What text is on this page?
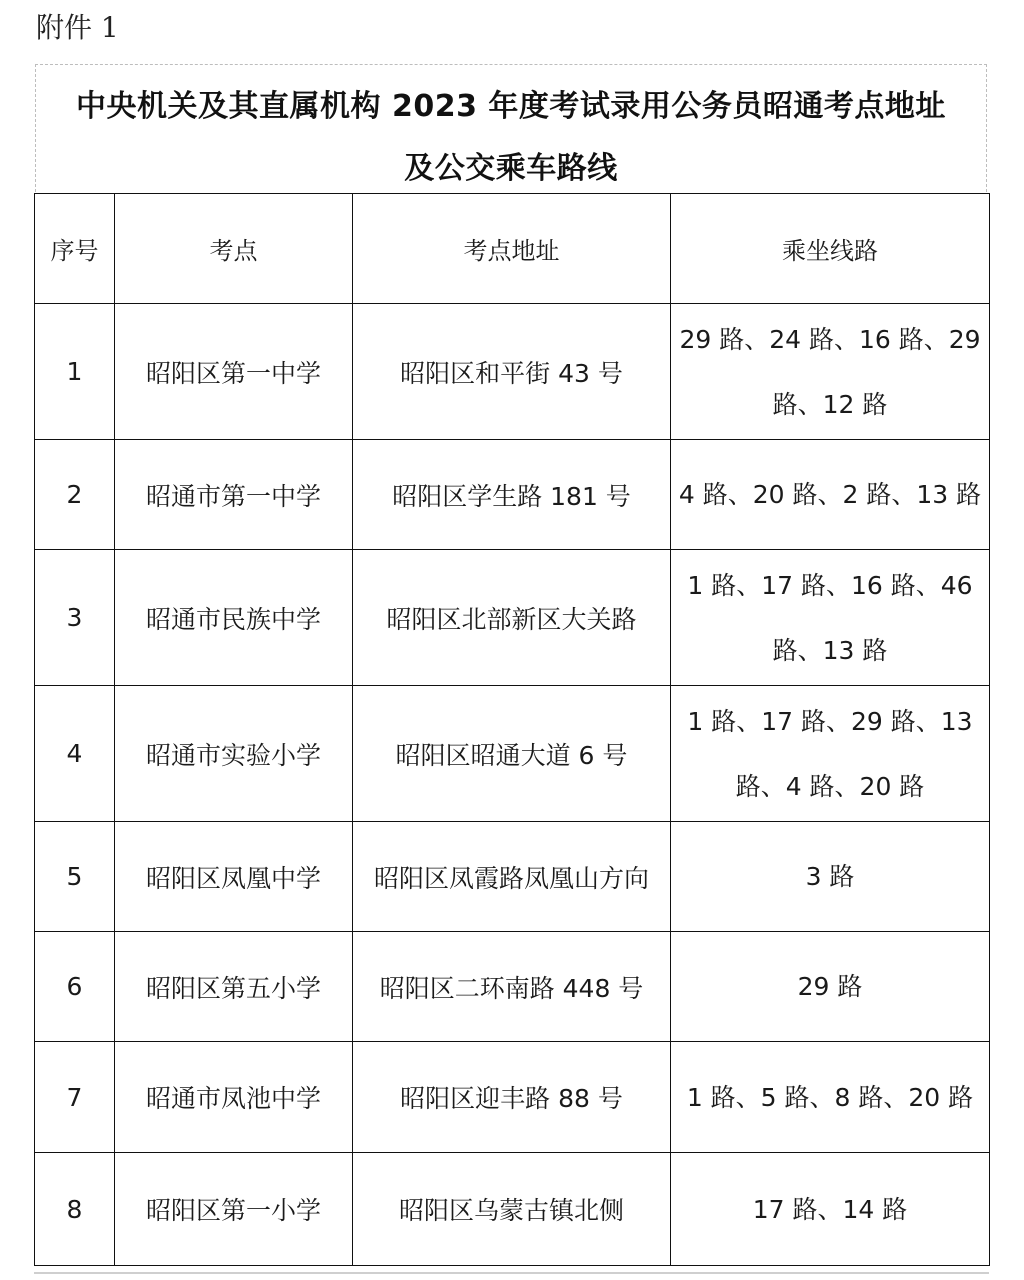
附件 1
中央机关及其直属机构 2023 年度考试录用公务员昭通考点地址
及公交乘车路线
序号	考点	考点地址	乘坐线路
1	昭阳区第一中学	昭阳区和平街 43 号	29 路、24 路、16 路、29 路、12 路
2	昭通市第一中学	昭阳区学生路 181 号	4 路、20 路、2 路、13 路
3	昭通市民族中学	昭阳区北部新区大关路	1 路、17 路、16 路、46 路、13 路
4	昭通市实验小学	昭阳区昭通大道 6 号	1 路、17 路、29 路、13 路、4 路、20 路
5	昭阳区凤凰中学	昭阳区凤霞路凤凰山方向	3 路
6	昭阳区第五小学	昭阳区二环南路 448 号	29 路
7	昭通市凤池中学	昭阳区迎丰路 88 号	1 路、5 路、8 路、20 路
8	昭阳区第一小学	昭阳区乌蒙古镇北侧	17 路、14 路
